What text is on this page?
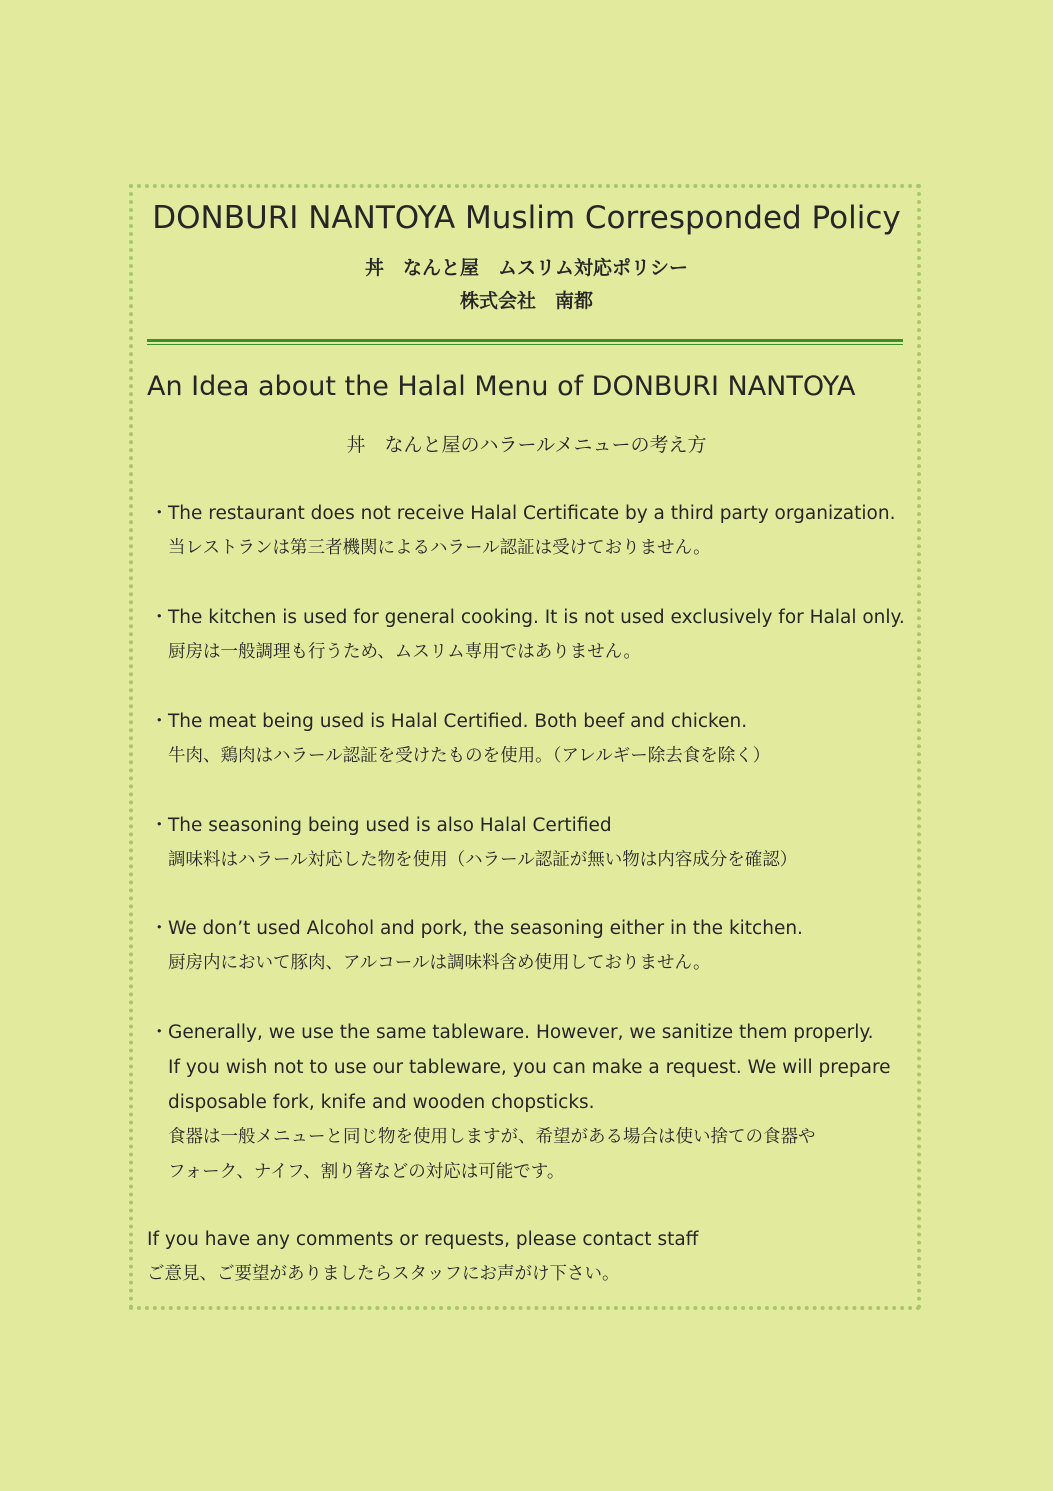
DONBURI NANTOYA Muslim Corresponded Policy
丼　なんと屋　ムスリム対応ポリシー
株式会社　南都
An Idea about the Halal Menu of DONBURI NANTOYA
丼　なんと屋のハラールメニューの考え方
・ The restaurant does not receive Halal Certificate by a third party organization.
当レストランは第三者機関によるハラール認証は受けておりません。
・ The kitchen is used for general cooking. It is not used exclusively for Halal only.
厨房は一般調理も行うため、ムスリム専用ではありません。
・ The meat being used is Halal Certified. Both beef and chicken.
牛肉、鶏肉はハラール認証を受けたものを使用。（アレルギー除去食を除く）
・ The seasoning being used is also Halal Certified
調味料はハラール対応した物を使用（ハラール認証が無い物は内容成分を確認）
・ We don’t used Alcohol and pork, the seasoning either in the kitchen.
厨房内において豚肉、アルコールは調味料含め使用しておりません。
・ Generally, we use the same tableware. However, we sanitize them properly.
If you wish not to use our tableware, you can make a request. We will prepare
disposable fork, knife and wooden chopsticks.
食器は一般メニューと同じ物を使用しますが、希望がある場合は使い捨ての食器や
フォーク、ナイフ、割り箸などの対応は可能です。
If you have any comments or requests, please contact staff
ご意見、ご要望がありましたらスタッフにお声がけ下さい。
